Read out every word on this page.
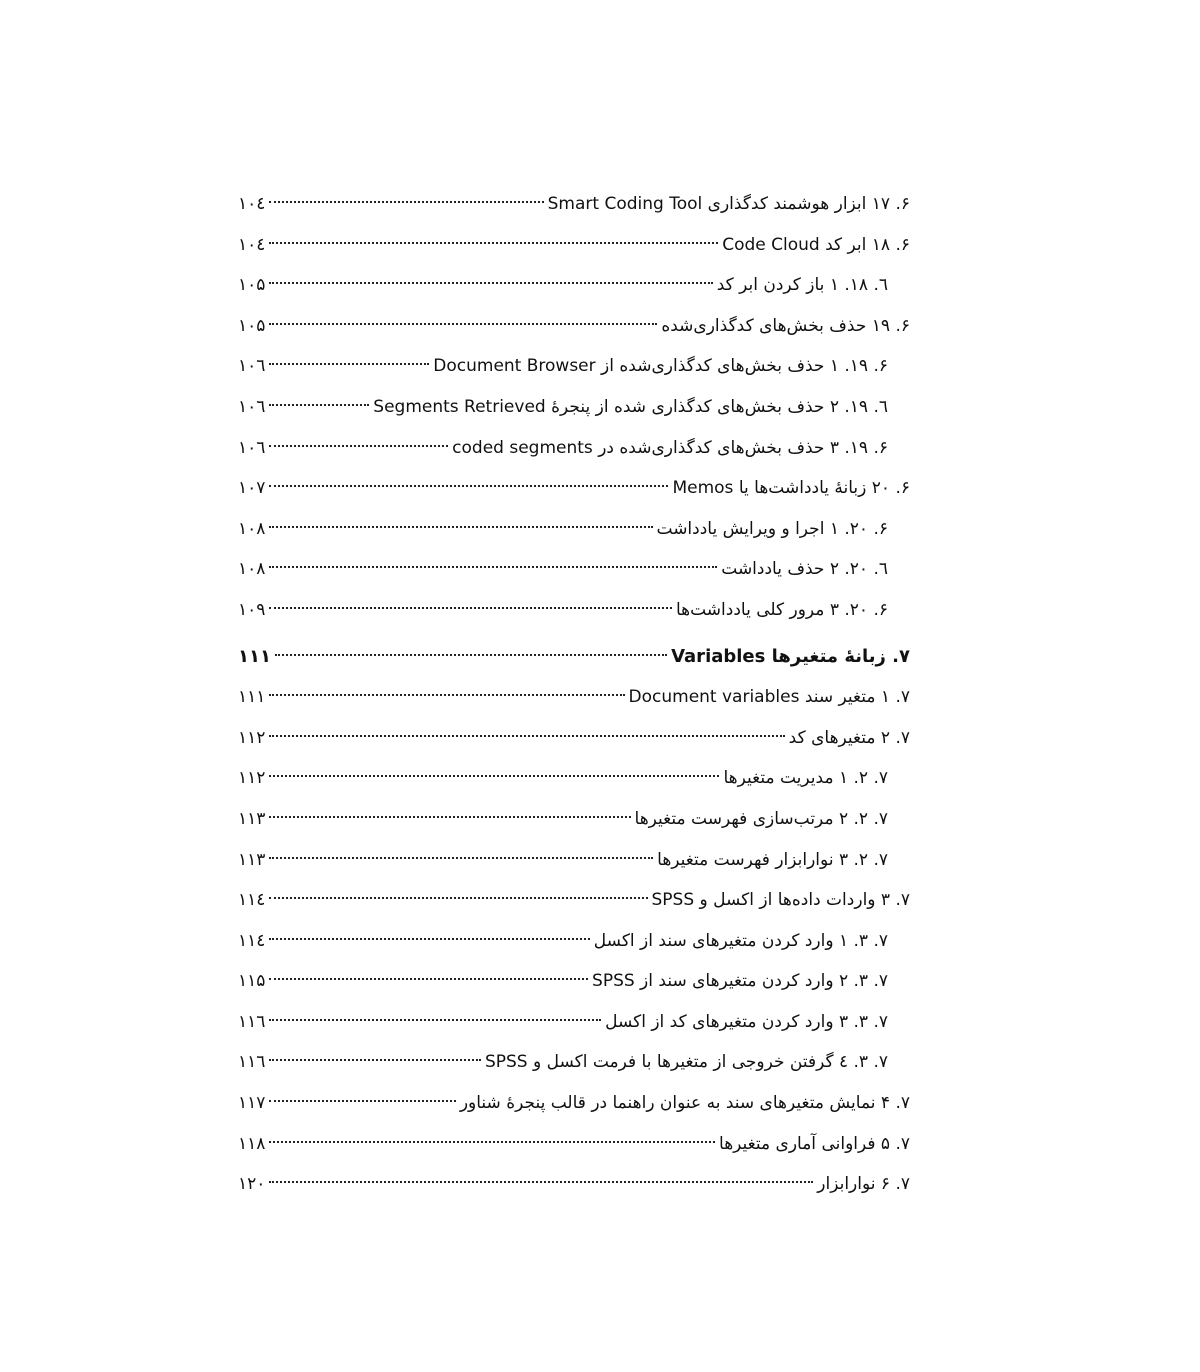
۶. ۱۷ ابزار هوشمند کدگذاری Smart Coding Tool
۱۰٤
۶. ۱۸ ابر کد Code Cloud
۱۰٤
٦. ۱۸. ۱ باز کردن ابر کد
۱۰۵
۶. ۱۹ حذف بخش‌های کدگذاری‌شده
۱۰۵
۶. ۱۹. ۱ حذف بخش‌های کدگذاری‌شده از Document Browser
۱۰٦
٦. ۱۹. ۲ حذف بخش‌های کدگذاری شده از پنجرهٔ Segments Retrieved
۱۰٦
۶. ۱۹. ۳ حذف بخش‌های کدگذاری‌شده در coded segments
۱۰٦
۶. ۲۰ زبانهٔ یادداشت‌ها یا Memos
۱۰۷
۶. ۲۰. ۱ اجرا و ویرایش یادداشت
۱۰۸
٦. ۲۰. ۲ حذف یادداشت
۱۰۸
۶. ۲۰. ۳ مرور کلی یادداشت‌ها
۱۰۹
۷. زبانهٔ متغیرها Variables
۱۱۱
۷. ۱ متغیر سند Document variables
۱۱۱
۷. ۲ متغیرهای کد
۱۱۲
۷. ۲. ۱ مدیریت متغیرها
۱۱۲
۷. ۲. ۲ مرتب‌سازی فهرست متغیرها
۱۱۳
۷. ۲. ۳ نوارابزار فهرست متغیرها
۱۱۳
۷. ۳ واردات داده‌ها از اکسل و SPSS
۱۱٤
۷. ۳. ۱ وارد کردن متغیرهای سند از اکسل
۱۱٤
۷. ۳. ۲ وارد کردن متغیرهای سند از SPSS
۱۱۵
۷. ۳. ۳ وارد کردن متغیرهای کد از اکسل
۱۱٦
۷. ۳. ٤ گرفتن خروجی از متغیرها با فرمت اکسل و SPSS
۱۱٦
۷. ۴ نمایش متغیرهای سند به عنوان راهنما در قالب پنجرهٔ شناور
۱۱۷
۷. ۵ فراوانی آماری متغیرها
۱۱۸
۷. ۶ نوارابزار
۱۲۰
